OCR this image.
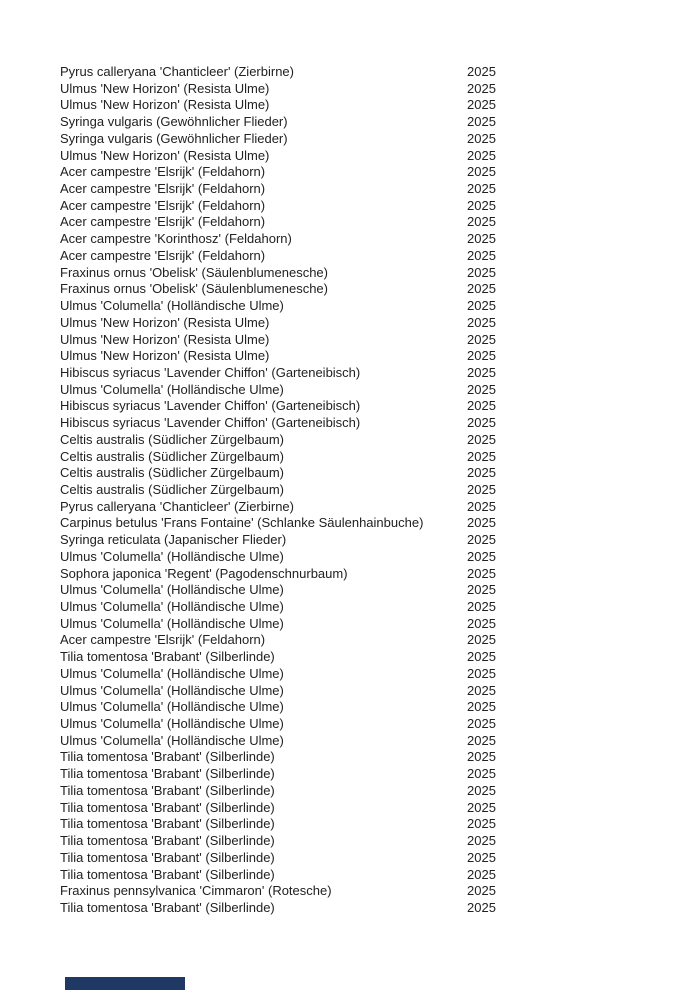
Pyrus calleryana 'Chanticleer' (Zierbirne)	2025
Ulmus 'New Horizon' (Resista Ulme)	2025
Ulmus 'New Horizon' (Resista Ulme)	2025
Syringa vulgaris (Gewöhnlicher Flieder)	2025
Syringa vulgaris (Gewöhnlicher Flieder)	2025
Ulmus 'New Horizon' (Resista Ulme)	2025
Acer campestre 'Elsrijk' (Feldahorn)	2025
Acer campestre 'Elsrijk' (Feldahorn)	2025
Acer campestre 'Elsrijk' (Feldahorn)	2025
Acer campestre 'Elsrijk' (Feldahorn)	2025
Acer campestre 'Korinthosz' (Feldahorn)	2025
Acer campestre 'Elsrijk' (Feldahorn)	2025
Fraxinus ornus 'Obelisk' (Säulenblumenesche)	2025
Fraxinus ornus 'Obelisk' (Säulenblumenesche)	2025
Ulmus 'Columella' (Holländische Ulme)	2025
Ulmus 'New Horizon' (Resista Ulme)	2025
Ulmus 'New Horizon' (Resista Ulme)	2025
Ulmus 'New Horizon' (Resista Ulme)	2025
Hibiscus syriacus 'Lavender Chiffon' (Garteneibisch)	2025
Ulmus 'Columella' (Holländische Ulme)	2025
Hibiscus syriacus 'Lavender Chiffon' (Garteneibisch)	2025
Hibiscus syriacus 'Lavender Chiffon' (Garteneibisch)	2025
Celtis australis (Südlicher Zürgelbaum)	2025
Celtis australis (Südlicher Zürgelbaum)	2025
Celtis australis (Südlicher Zürgelbaum)	2025
Celtis australis (Südlicher Zürgelbaum)	2025
Pyrus calleryana 'Chanticleer' (Zierbirne)	2025
Carpinus betulus 'Frans Fontaine' (Schlanke Säulenhainbuche)	2025
Syringa reticulata (Japanischer Flieder)	2025
Ulmus 'Columella' (Holländische Ulme)	2025
Sophora japonica 'Regent' (Pagodenschnurbaum)	2025
Ulmus 'Columella' (Holländische Ulme)	2025
Ulmus 'Columella' (Holländische Ulme)	2025
Ulmus 'Columella' (Holländische Ulme)	2025
Acer campestre 'Elsrijk' (Feldahorn)	2025
Tilia tomentosa 'Brabant' (Silberlinde)	2025
Ulmus 'Columella' (Holländische Ulme)	2025
Ulmus 'Columella' (Holländische Ulme)	2025
Ulmus 'Columella' (Holländische Ulme)	2025
Ulmus 'Columella' (Holländische Ulme)	2025
Ulmus 'Columella' (Holländische Ulme)	2025
Tilia tomentosa 'Brabant' (Silberlinde)	2025
Tilia tomentosa 'Brabant' (Silberlinde)	2025
Tilia tomentosa 'Brabant' (Silberlinde)	2025
Tilia tomentosa 'Brabant' (Silberlinde)	2025
Tilia tomentosa 'Brabant' (Silberlinde)	2025
Tilia tomentosa 'Brabant' (Silberlinde)	2025
Tilia tomentosa 'Brabant' (Silberlinde)	2025
Tilia tomentosa 'Brabant' (Silberlinde)	2025
Fraxinus pennsylvanica 'Cimmaron' (Rotesche)	2025
Tilia tomentosa 'Brabant' (Silberlinde)	2025
